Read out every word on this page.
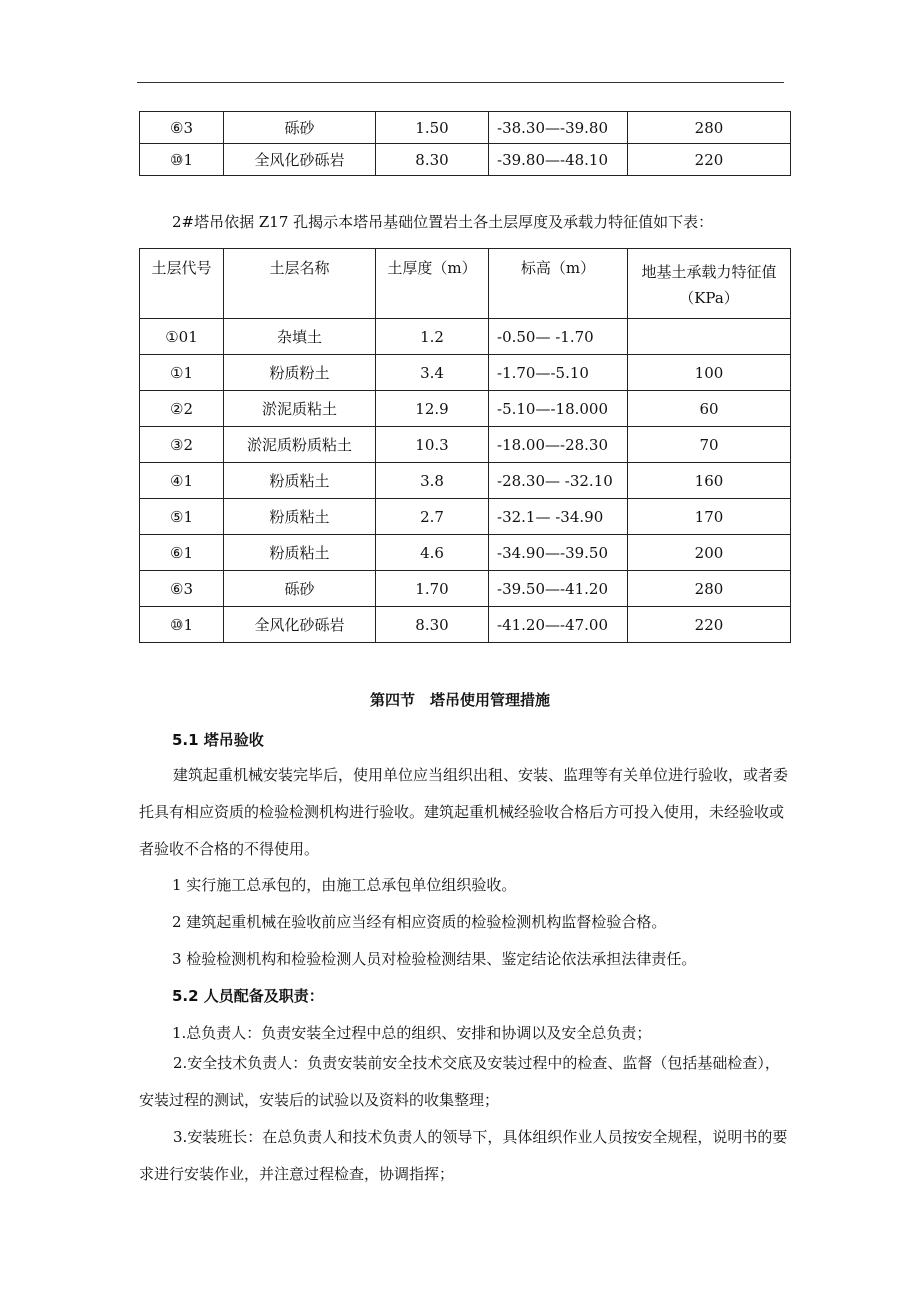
⑥3	砾砂	1.50	-38.30—-39.80	280
⑩1	全风化砂砾岩	8.30	-39.80—-48.10	220

2#塔吊依据 Z17 孔揭示本塔吊基础位置岩土各土层厚度及承载力特征值如下表：

土层代号	土层名称	土厚度（m）	标高（m）	地基土承载力特征值
（KPa）
①01	杂填土	1.2	-0.50— -1.70	
①1	粉质粉土	3.4	-1.70—-5.10	100
②2	淤泥质粘土	12.9	-5.10—-18.000	60
③2	淤泥质粉质粘土	10.3	-18.00—-28.30	70
④1	粉质粘土	3.8	-28.30— -32.10	160
⑤1	粉质粘土	2.7	-32.1— -34.90	170
⑥1	粉质粘土	4.6	-34.90—-39.50	200
⑥3	砾砂	1.70	-39.50—-41.20	280
⑩1	全风化砂砾岩	8.30	-41.20—-47.00	220

第四节　塔吊使用管理措施

5.1 塔吊验收

建筑起重机械安装完毕后，使用单位应当组织出租、安装、监理等有关单位进行验收，或者委托具有相应资质的检验检测机构进行验收。建筑起重机械经验收合格后方可投入使用，未经验收或者验收不合格的不得使用。

1 实行施工总承包的，由施工总承包单位组织验收。

2 建筑起重机械在验收前应当经有相应资质的检验检测机构监督检验合格。

3 检验检测机构和检验检测人员对检验检测结果、鉴定结论依法承担法律责任。

5.2 人员配备及职责：

1.总负责人：负责安装全过程中总的组织、安排和协调以及安全总负责；

2.安全技术负责人：负责安装前安全技术交底及安装过程中的检查、监督（包括基础检查），安装过程的测试，安装后的试验以及资料的收集整理；

3.安装班长：在总负责人和技术负责人的领导下，具体组织作业人员按安全规程，说明书的要求进行安装作业，并注意过程检查，协调指挥；
